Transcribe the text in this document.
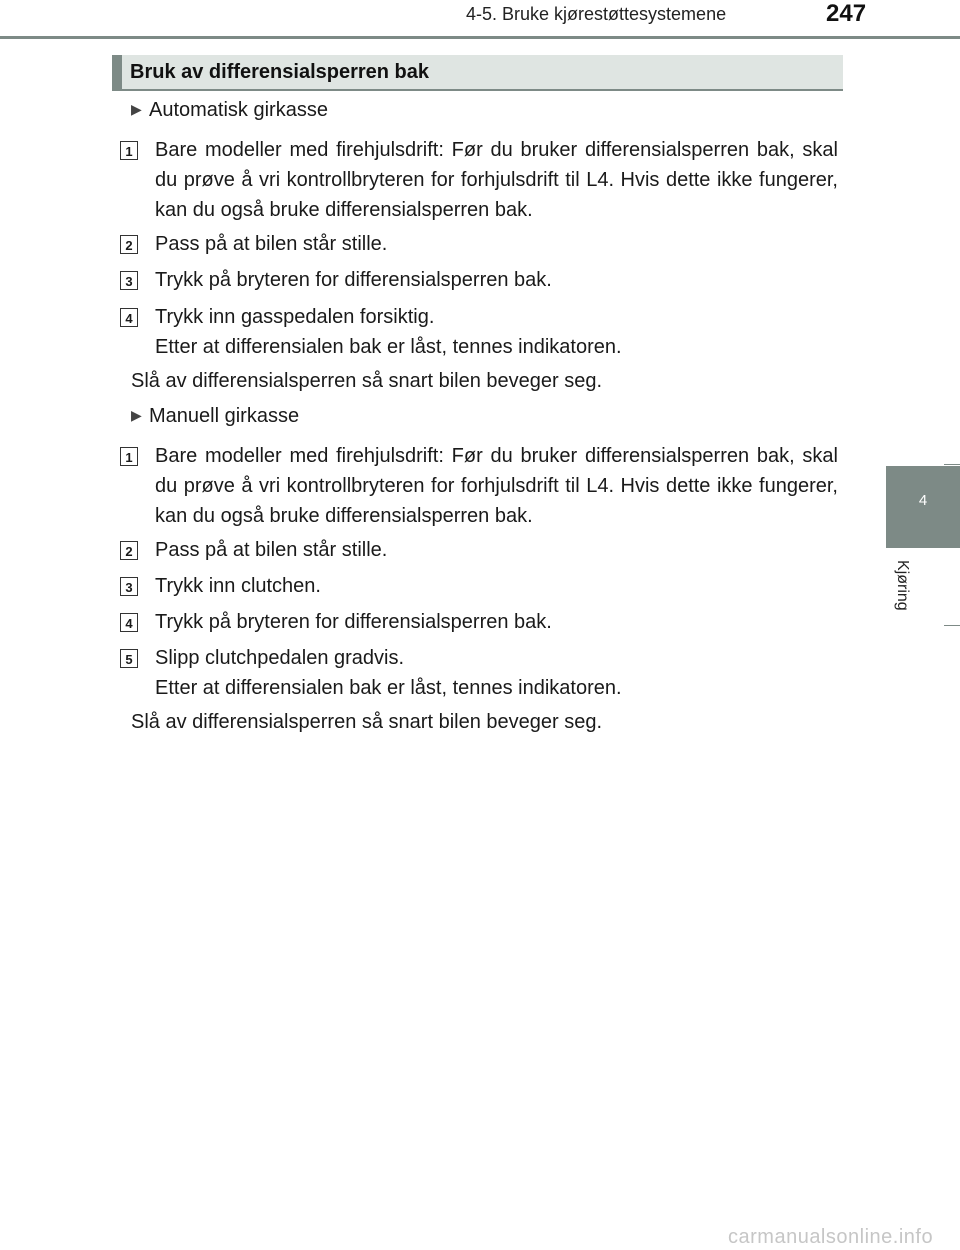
4-5. Bruke kjørestøttesystemene	247
4
Kjøring
Bruk av differensialsperren bak
▶ Automatisk girkasse
1 Bare modeller med firehjulsdrift: Før du bruker differensialsperren bak, skal du prøve å vri kontrollbryteren for forhjulsdrift til L4. Hvis dette ikke fungerer, kan du også bruke differensialsperren bak.
2 Pass på at bilen står stille.
3 Trykk på bryteren for differensialsperren bak.
4 Trykk inn gasspedalen forsiktig.
Etter at differensialen bak er låst, tennes indikatoren.
Slå av differensialsperren så snart bilen beveger seg.
▶ Manuell girkasse
1 Bare modeller med firehjulsdrift: Før du bruker differensialsperren bak, skal du prøve å vri kontrollbryteren for forhjulsdrift til L4. Hvis dette ikke fungerer, kan du også bruke differensialsperren bak.
2 Pass på at bilen står stille.
3 Trykk inn clutchen.
4 Trykk på bryteren for differensialsperren bak.
5 Slipp clutchpedalen gradvis.
Etter at differensialen bak er låst, tennes indikatoren.
Slå av differensialsperren så snart bilen beveger seg.
carmanualsonline.info
